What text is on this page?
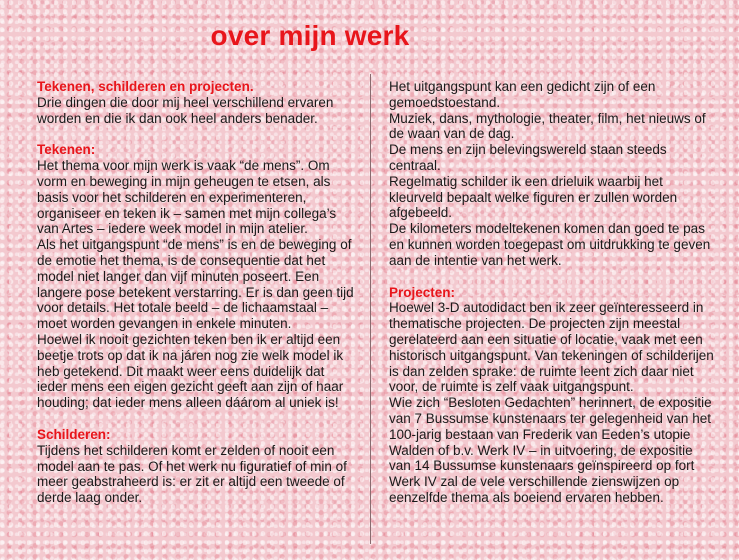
over mijn werk
Tekenen, schilderen en projecten.

Drie dingen die door mij heel verschillend ervaren worden en die ik dan ook heel anders benader.

Tekenen:

Het thema voor mijn werk is vaak “de mens”. Om vorm en beweging in mijn geheugen te etsen, als basis voor het schilderen en experimenteren, organiseer en teken ik – samen met mijn collega’s van Artes – iedere week model in mijn atelier.

Als het uitgangspunt “de mens” is en de beweging of de emotie het thema, is de consequentie dat het model niet langer dan vijf minuten poseert. Een langere pose betekent verstarring. Er is dan geen tijd voor details. Het totale beeld – de lichaamstaal – moet worden gevangen in enkele minuten.

Hoewel ik nooit gezichten teken ben ik er altijd een beetje trots op dat ik na járen nog zie welk model ik heb getekend. Dit maakt weer eens duidelijk dat ieder mens een eigen gezicht geeft aan zijn of haar houding; dat ieder mens alleen dáárom al uniek is!

Schilderen:

Tijdens het schilderen komt er zelden of nooit een model aan te pas. Of het werk nu figuratief of min of meer geabstraheerd is: er zit er altijd een tweede of derde laag onder.

Het uitgangspunt kan een gedicht zijn of een gemoedstoestand.

Muziek, dans, mythologie, theater, film, het nieuws of de waan van de dag.

De mens en zijn belevingswereld staan steeds centraal.

Regelmatig schilder ik een drieluik waarbij het kleurveld bepaalt welke figuren er zullen worden afgebeeld.

De kilometers modeltekenen komen dan goed te pas en kunnen worden toegepast om uitdrukking te geven aan de intentie van het werk.

Projecten:

Hoewel 3-D autodidact ben ik zeer geïnteresseerd in thematische projecten. De projecten zijn meestal gerelateerd aan een situatie of locatie, vaak met een historisch uitgangspunt. Van tekeningen of schilderijen is dan zelden sprake: de ruimte leent zich daar niet voor, de ruimte is zelf vaak uitgangspunt.

Wie zich “Besloten Gedachten” herinnert, de expositie van 7 Bussumse kunstenaars ter gelegenheid van het 100-jarig bestaan van Frederik van Eeden’s utopie Walden of b.v. Werk IV – in uitvoering, de expositie van 14 Bussumse kunstenaars geïnspireerd op fort Werk IV zal de vele verschillende zienswijzen op eenzelfde thema als boeiend ervaren hebben.
